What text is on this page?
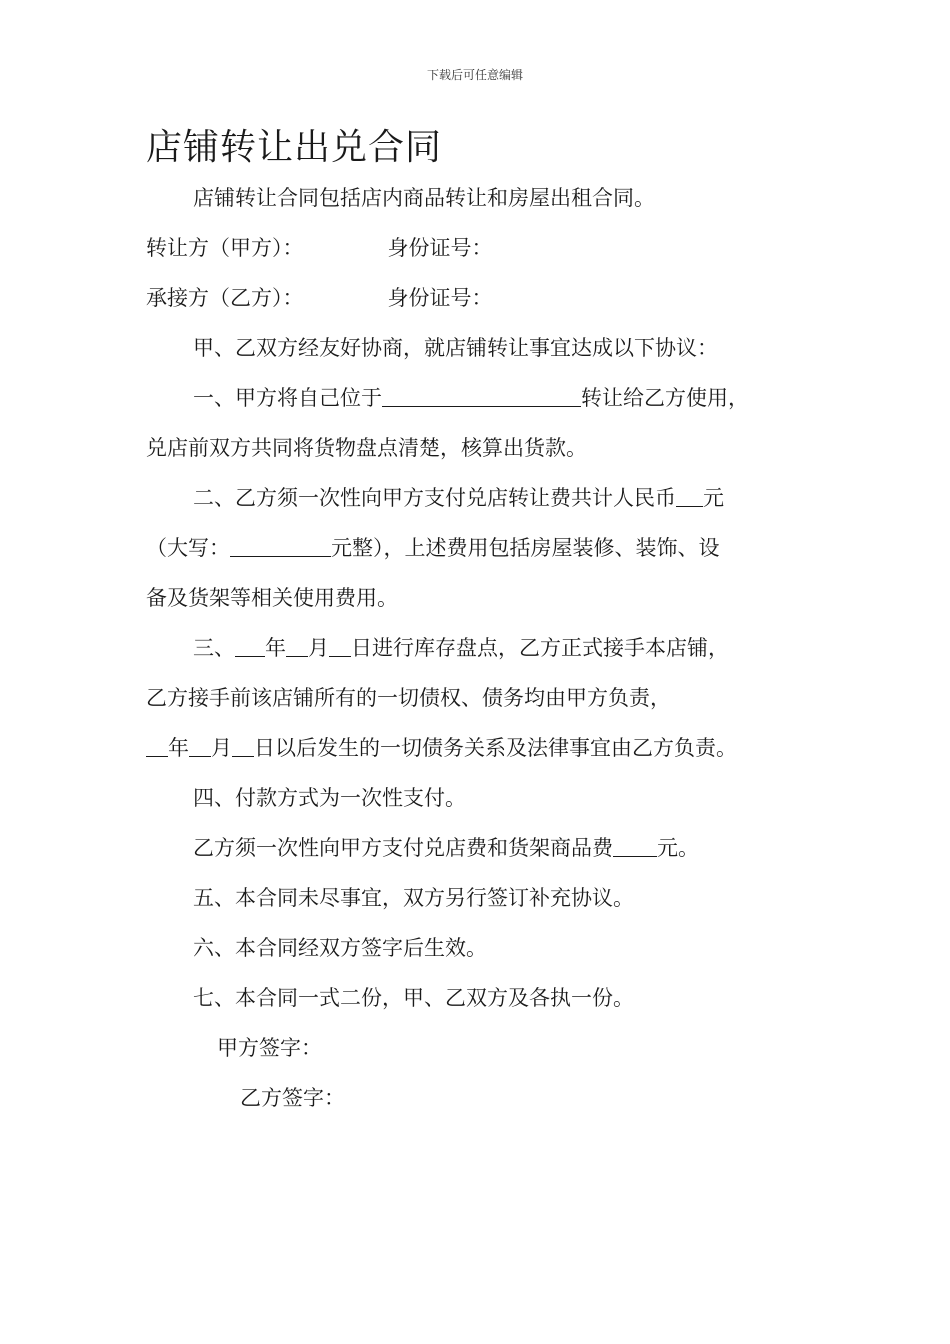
下载后可任意编辑
店铺转让出兑合同
店铺转让合同包括店内商品转让和房屋出租合同。
转让方（甲方）：	身份证号：
承接方（乙方）：	身份证号：
甲、乙双方经友好协商，就店铺转让事宜达成以下协议：
一、甲方将自己位于	转让给乙方使用，
兑店前双方共同将货物盘点清楚，核算出货款。
二、乙方须一次性向甲方支付兑店转让费共计人民币 元
（大写：	元整），上述费用包括房屋装修、装饰、设
备及货架等相关使用费用。
三、 年 月 日进行库存盘点，乙方正式接手本店铺，
乙方接手前该店铺所有的一切债权、债务均由甲方负责，
年 月 日以后发生的一切债务关系及法律事宜由乙方负责。
四、付款方式为一次性支付。
乙方须一次性向甲方支付兑店费和货架商品费 元。
五、本合同未尽事宜，双方另行签订补充协议。
六、本合同经双方签字后生效。
七、本合同一式二份，甲、乙双方及各执一份。
甲方签字：
乙方签字：
